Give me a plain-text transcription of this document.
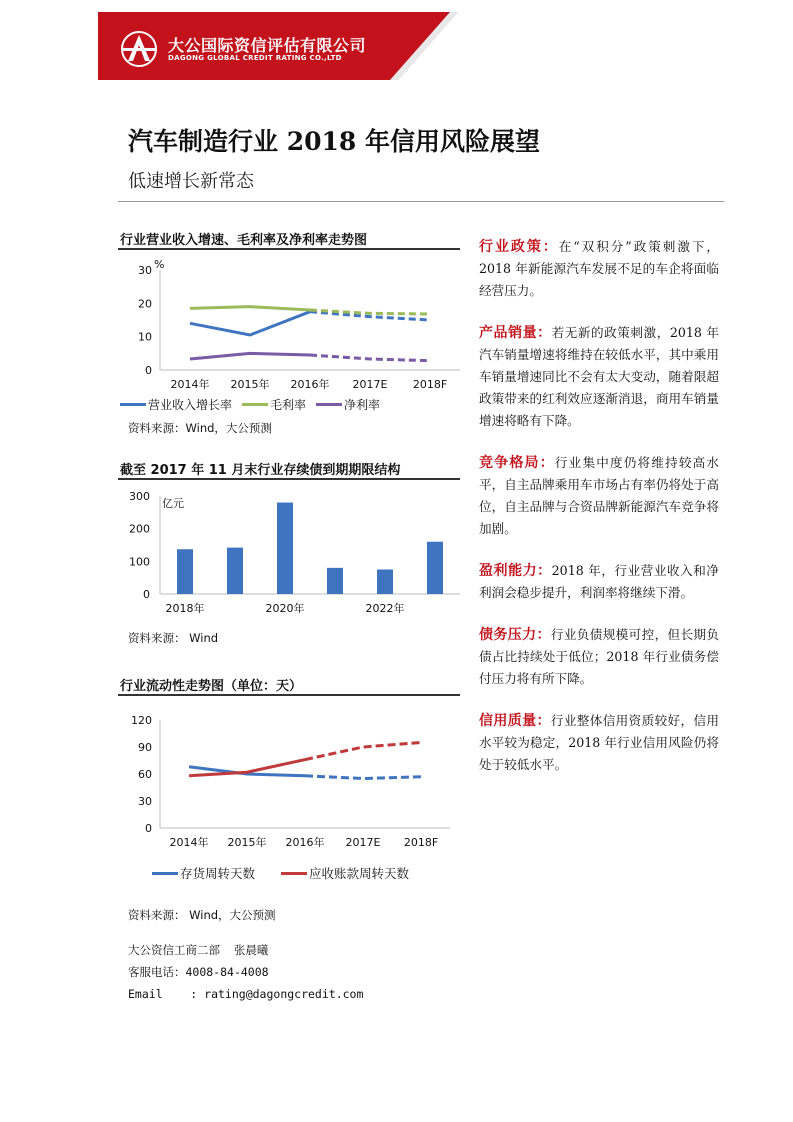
大公国际资信评估有限公司
DAGONG GLOBAL CREDIT RATING CO.,LTD
汽车制造行业 2018 年信用风险展望
低速增长新常态
行业营业收入增速、毛利率及净利率走势图
0
10
20
30
2014年 2015年 2016年 2017E 2018F
%
营业收入增长率	毛利率	净利率
资料来源：Wind，大公预测
截至 2017 年 11 月末行业存续债到期期限结构
0
100
200
300
亿元
2018年	2020年	2022年
资料来源： Wind
行业流动性走势图（单位：天）
0
30
60
90
120
2014年 2015年 2016年 2017E 2018F
存货周转天数	应收账款周转天数
资料来源： Wind，大公预测
大公资信工商二部  张晨曦
客服电话：4008-84-4008
Email    : rating@dagongcredit.com

行业政策：在“双积分”政策刺激下，2018 年新能源汽车发展不足的车企将面临经营压力。

产品销量：若无新的政策刺激，2018 年汽车销量增速将维持在较低水平，其中乘用车销量增速同比不会有太大变动，随着限超政策带来的红利效应逐渐消退，商用车销量增速将略有下降。

竞争格局：行业集中度仍将维持较高水平，自主品牌乘用车市场占有率仍将处于高位，自主品牌与合资品牌新能源汽车竞争将加剧。

盈利能力：2018 年，行业营业收入和净利润会稳步提升，利润率将继续下滑。

债务压力：行业负债规模可控，但长期负债占比持续处于低位；2018 年行业债务偿付压力将有所下降。

信用质量：行业整体信用资质较好，信用水平较为稳定，2018 年行业信用风险仍将处于较低水平。
